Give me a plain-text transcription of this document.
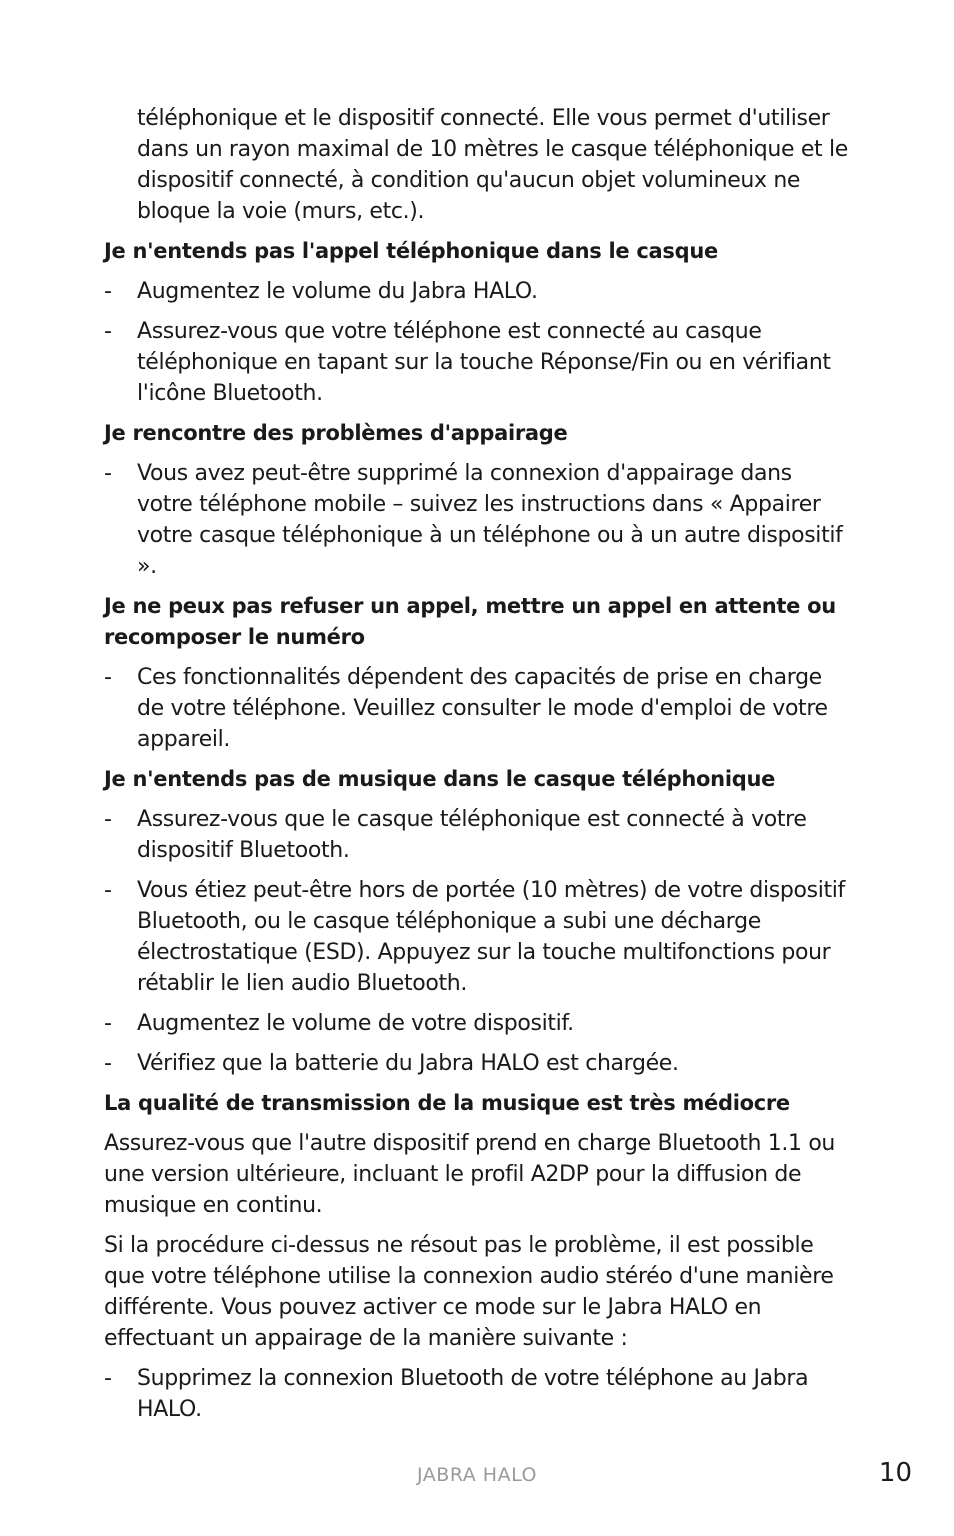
téléphonique et le dispositif connecté. Elle vous permet d'utiliser dans un rayon maximal de 10 mètres le casque téléphonique et le dispositif connecté, à condition qu'aucun objet volumineux ne bloque la voie (murs, etc.).

Je n'entends pas l'appel téléphonique dans le casque
- Augmentez le volume du Jabra HALO.
- Assurez-vous que votre téléphone est connecté au casque téléphonique en tapant sur la touche Réponse/Fin ou en vérifiant l'icône Bluetooth.
Je rencontre des problèmes d'appairage
- Vous avez peut-être supprimé la connexion d'appairage dans votre téléphone mobile – suivez les instructions dans « Appairer votre casque téléphonique à un téléphone ou à un autre dispositif ».
Je ne peux pas refuser un appel, mettre un appel en attente ou recomposer le numéro
- Ces fonctionnalités dépendent des capacités de prise en charge de votre téléphone. Veuillez consulter le mode d'emploi de votre appareil.
Je n'entends pas de musique dans le casque téléphonique
- Assurez-vous que le casque téléphonique est connecté à votre dispositif Bluetooth.
- Vous étiez peut-être hors de portée (10 mètres) de votre dispositif Bluetooth, ou le casque téléphonique a subi une décharge électrostatique (ESD). Appuyez sur la touche multifonctions pour rétablir le lien audio Bluetooth.
- Augmentez le volume de votre dispositif.
- Vérifiez que la batterie du Jabra HALO est chargée.
La qualité de transmission de la musique est très médiocre

Assurez-vous que l'autre dispositif prend en charge Bluetooth 1.1 ou une version ultérieure, incluant le profil A2DP pour la diffusion de musique en continu.

Si la procédure ci-dessus ne résout pas le problème, il est possible que votre téléphone utilise la connexion audio stéréo d'une manière différente. Vous pouvez activer ce mode sur le Jabra HALO en effectuant un appairage de la manière suivante :

- Supprimez la connexion Bluetooth de votre téléphone au Jabra HALO.
JABRA HALO	10
